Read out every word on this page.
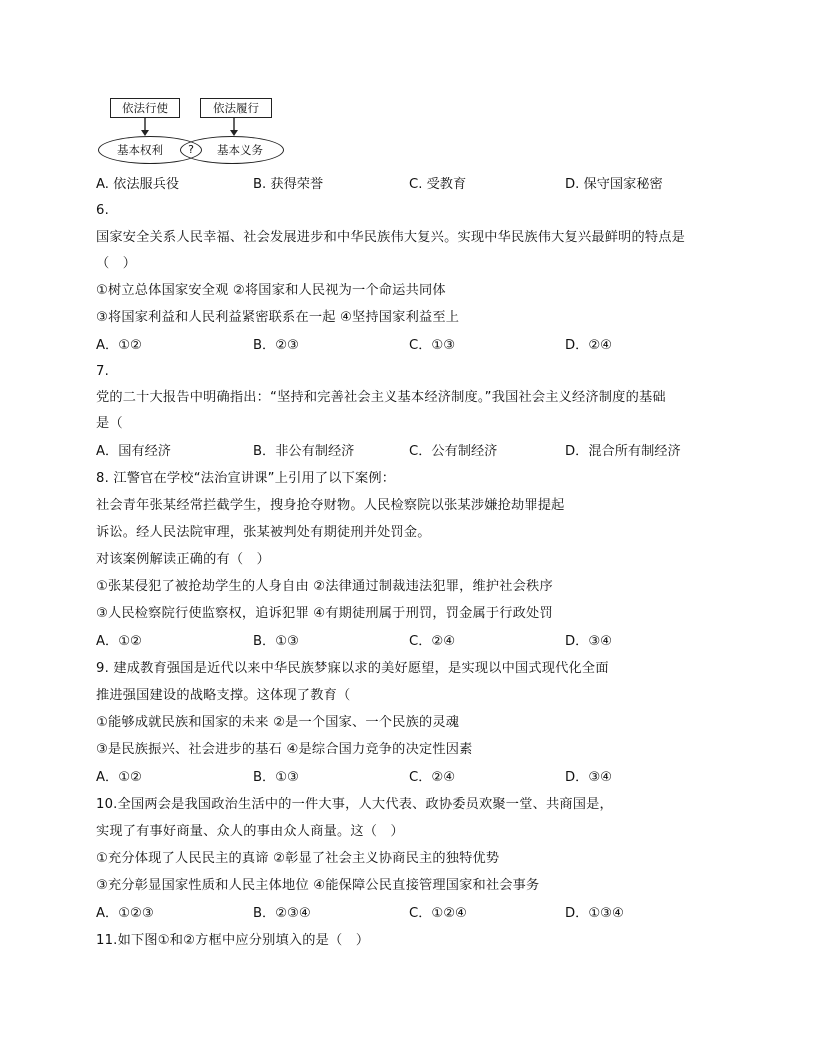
依法行使	依法履行
基本权利	基本义务
?
A. 依法服兵役	B. 获得荣誉	C. 受教育	D. 保守国家秘密
6.
国家安全关系人民幸福、社会发展进步和中华民族伟大复兴。实现中华民族伟大复兴最鲜明的特点是
（　）
①树立总体国家安全观 ②将国家和人民视为一个命运共同体
③将国家利益和人民利益紧密联系在一起 ④坚持国家利益至上
A．①②	B．②③	C．①③	D．②④
7.
党的二十大报告中明确指出：“坚持和完善社会主义基本经济制度。”我国社会主义经济制度的基础
是（
A．国有经济	B．非公有制经济	C．公有制经济	D．混合所有制经济
8. 江警官在学校“法治宣讲课”上引用了以下案例：
社会青年张某经常拦截学生，搜身抢夺财物。人民检察院以张某涉嫌抢劫罪提起
诉讼。经人民法院审理，张某被判处有期徒刑并处罚金。
对该案例解读正确的有（　）
①张某侵犯了被抢劫学生的人身自由 ②法律通过制裁违法犯罪，维护社会秩序
③人民检察院行使监察权，追诉犯罪 ④有期徒刑属于刑罚，罚金属于行政处罚
A．①②	B．①③	C．②④	D．③④
9. 建成教育强国是近代以来中华民族梦寐以求的美好愿望，是实现以中国式现代化全面
推进强国建设的战略支撑。这体现了教育（
①能够成就民族和国家的未来 ②是一个国家、一个民族的灵魂
③是民族振兴、社会进步的基石 ④是综合国力竞争的决定性因素
A．①②	B．①③	C．②④	D．③④
10.全国两会是我国政治生活中的一件大事，人大代表、政协委员欢聚一堂、共商国是，
实现了有事好商量、众人的事由众人商量。这（　）
①充分体现了人民民主的真谛 ②彰显了社会主义协商民主的独特优势
③充分彰显国家性质和人民主体地位 ④能保障公民直接管理国家和社会事务
A．①②③	B．②③④	C．①②④	D．①③④
11.如下图①和②方框中应分别填入的是（　）
